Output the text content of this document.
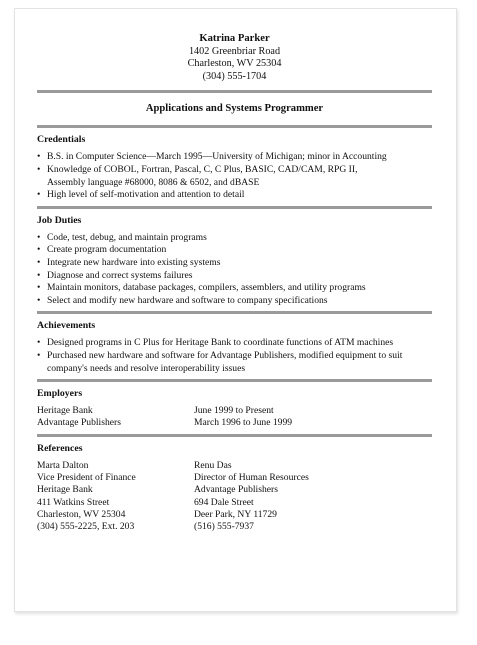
Katrina Parker
1402 Greenbriar Road
Charleston, WV 25304
(304) 555-1704
Applications and Systems Programmer
Credentials
• B.S. in Computer Science—March 1995—University of Michigan; minor in Accounting
• Knowledge of COBOL, Fortran, Pascal, C, C Plus, BASIC, CAD/CAM, RPG II, Assembly language #68000, 8086 & 6502, and dBASE
• High level of self-motivation and attention to detail
Job Duties
• Code, test, debug, and maintain programs
• Create program documentation
• Integrate new hardware into existing systems
• Diagnose and correct systems failures
• Maintain monitors, database packages, compilers, assemblers, and utility programs
• Select and modify new hardware and software to company specifications
Achievements
• Designed programs in C Plus for Heritage Bank to coordinate functions of ATM machines
• Purchased new hardware and software for Advantage Publishers, modified equipment to suit company's needs and resolve interoperability issues
Employers
Heritage Bank	June 1999 to Present
Advantage Publishers	March 1996 to June 1999
References
Marta Dalton
Vice President of Finance
Heritage Bank
411 Watkins Street
Charleston, WV 25304
(304) 555-2225, Ext. 203
Renu Das
Director of Human Resources
Advantage Publishers
694 Dale Street
Deer Park, NY 11729
(516) 555-7937
